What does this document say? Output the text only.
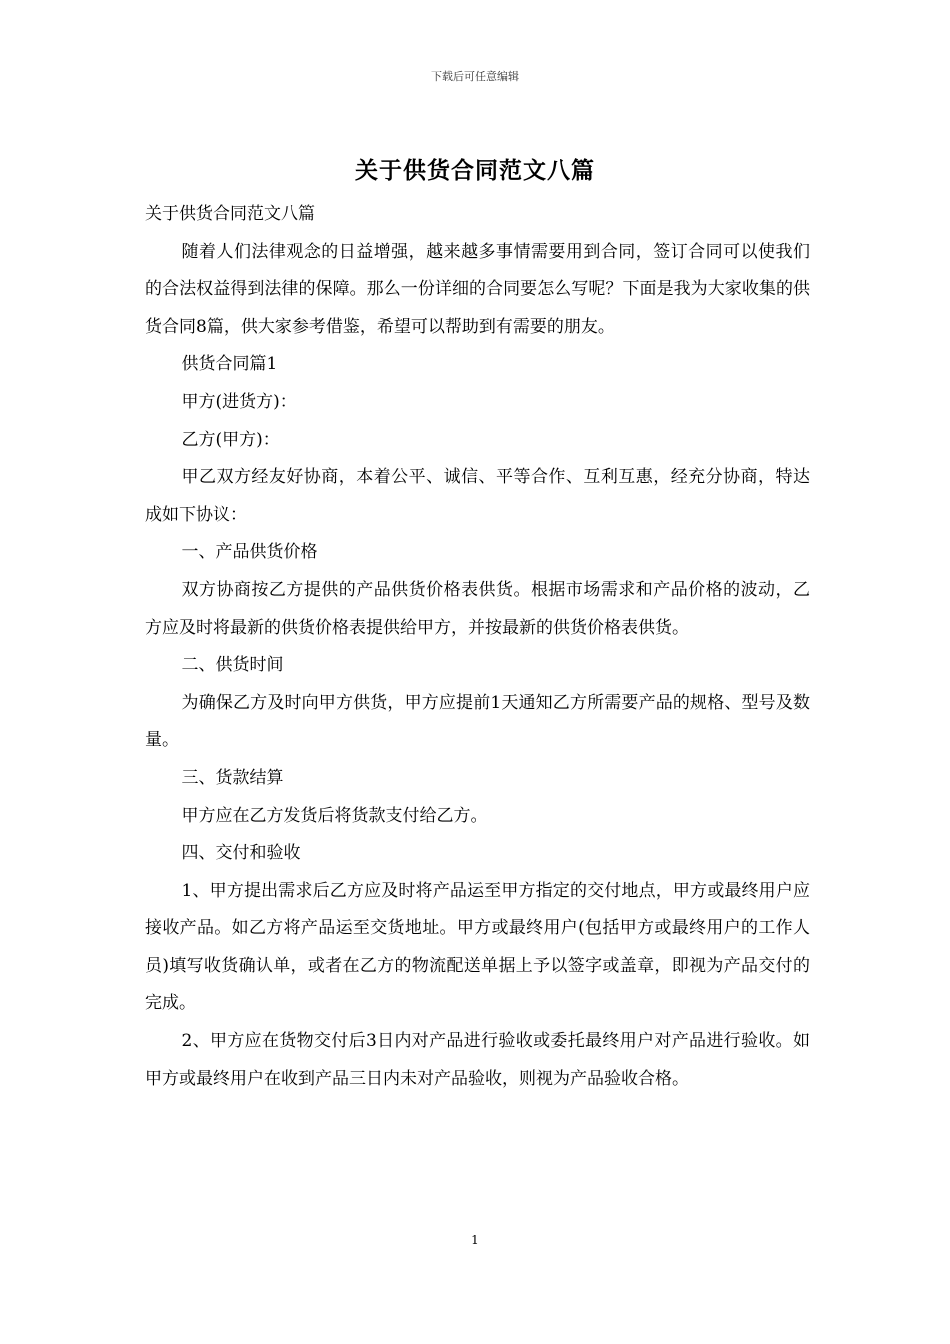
下载后可任意编辑
关于供货合同范文八篇

关于供货合同范文八篇

随着人们法律观念的日益增强，越来越多事情需要用到合同，签订合同可以使我们的合法权益得到法律的保障。那么一份详细的合同要怎么写呢？下面是我为大家收集的供货合同8篇，供大家参考借鉴，希望可以帮助到有需要的朋友。

供货合同篇1

甲方(进货方)：

乙方(甲方)：

甲乙双方经友好协商，本着公平、诚信、平等合作、互利互惠，经充分协商，特达成如下协议：

一、产品供货价格

双方协商按乙方提供的产品供货价格表供货。根据市场需求和产品价格的波动，乙方应及时将最新的供货价格表提供给甲方，并按最新的供货价格表供货。

二、供货时间

为确保乙方及时向甲方供货，甲方应提前1天通知乙方所需要产品的规格、型号及数量。

三、货款结算

甲方应在乙方发货后将货款支付给乙方。

四、交付和验收

1、甲方提出需求后乙方应及时将产品运至甲方指定的交付地点，甲方或最终用户应接收产品。如乙方将产品运至交货地址。甲方或最终用户(包括甲方或最终用户的工作人员)填写收货确认单，或者在乙方的物流配送单据上予以签字或盖章，即视为产品交付的完成。

2、甲方应在货物交付后3日内对产品进行验收或委托最终用户对产品进行验收。如甲方或最终用户在收到产品三日内未对产品验收，则视为产品验收合格。

1
